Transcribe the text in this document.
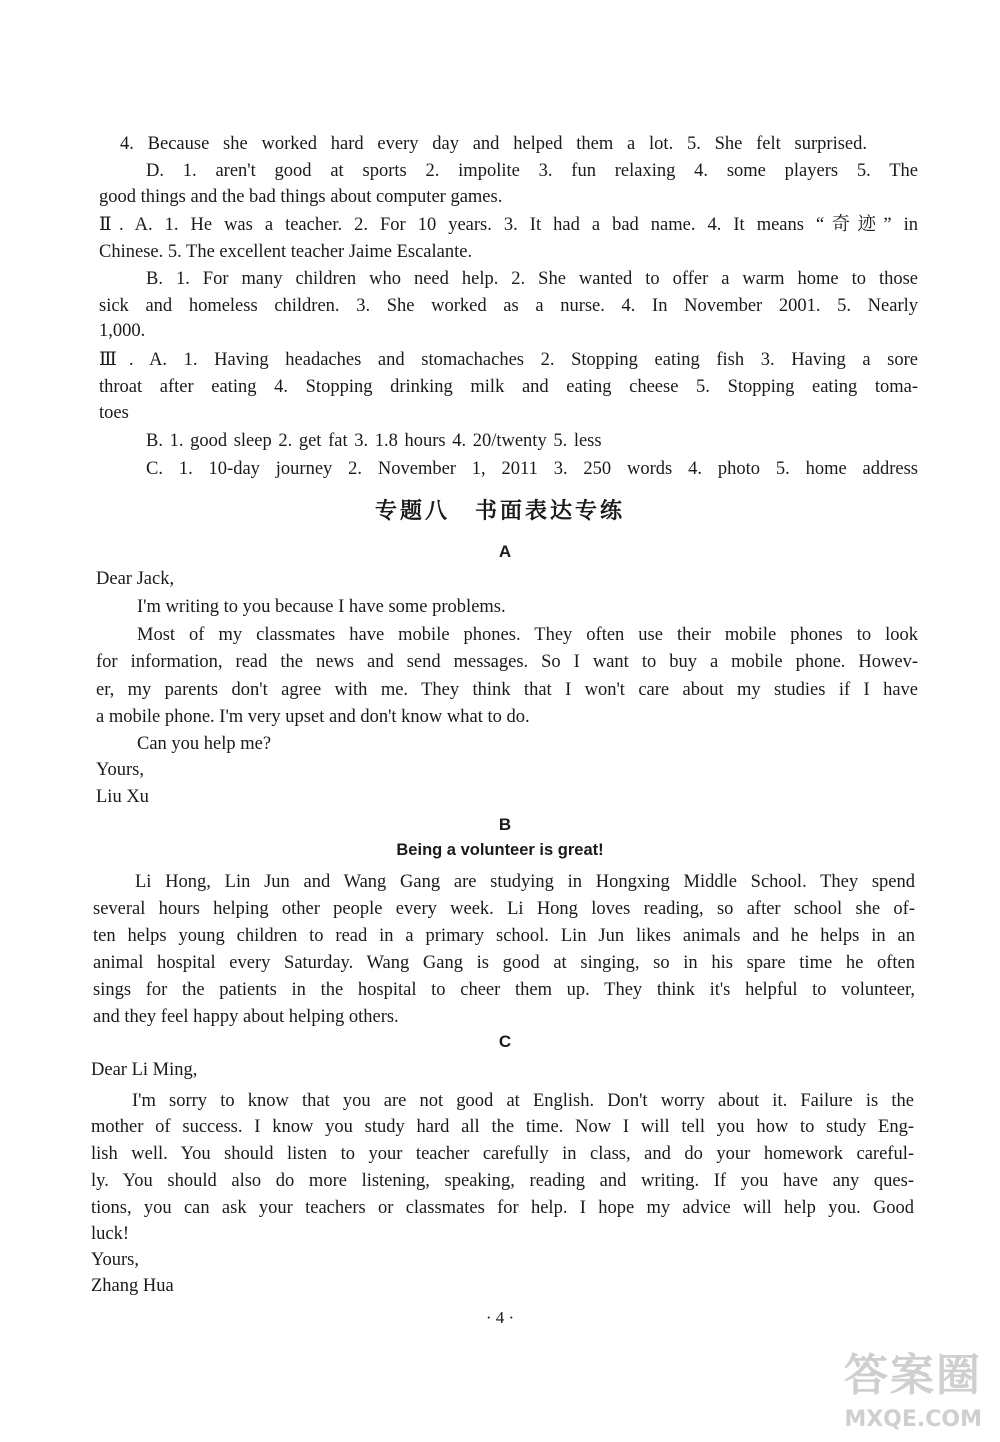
4. Because she worked hard every day and helped them a lot. 5. She felt surprised.
D. 1. aren't good at sports 2. impolite 3. fun relaxing 4. some players 5. The
good things and the bad things about computer games.
Ⅱ. A. 1. He was a teacher. 2. For 10 years. 3. It had a bad name. 4. It means “奇迹” in
Chinese. 5. The excellent teacher Jaime Escalante.
B. 1. For many children who need help. 2. She wanted to offer a warm home to those
sick and homeless children. 3. She worked as a nurse. 4. In November 2001. 5. Nearly
1,000.
Ⅲ. A. 1. Having headaches and stomachaches 2. Stopping eating fish 3. Having a sore
throat after eating 4. Stopping drinking milk and eating cheese 5. Stopping eating toma-
toes
B. 1. good sleep 2. get fat 3. 1.8 hours 4. 20/twenty 5. less
C. 1. 10-day journey 2. November 1, 2011 3. 250 words 4. photo 5. home address
专题八　书面表达专练
A
Dear Jack,
I'm writing to you because I have some problems.
Most of my classmates have mobile phones. They often use their mobile phones to look
for information, read the news and send messages. So I want to buy a mobile phone. Howev-
er, my parents don't agree with me. They think that I won't care about my studies if I have
a mobile phone. I'm very upset and don't know what to do.
Can you help me?
Yours,
Liu Xu
B
Being a volunteer is great!
Li Hong, Lin Jun and Wang Gang are studying in Hongxing Middle School. They spend
several hours helping other people every week. Li Hong loves reading, so after school she of-
ten helps young children to read in a primary school. Lin Jun likes animals and he helps in an
animal hospital every Saturday. Wang Gang is good at singing, so in his spare time he often
sings for the patients in the hospital to cheer them up. They think it's helpful to volunteer,
and they feel happy about helping others.
C
Dear Li Ming,
I'm sorry to know that you are not good at English. Don't worry about it. Failure is the
mother of success. I know you study hard all the time. Now I will tell you how to study Eng-
lish well. You should listen to your teacher carefully in class, and do your homework careful-
ly. You should also do more listening, speaking, reading and writing. If you have any ques-
tions, you can ask your teachers or classmates for help. I hope my advice will help you. Good
luck!
Yours,
Zhang Hua
· 4 ·
答案圈
MXQE.COM
